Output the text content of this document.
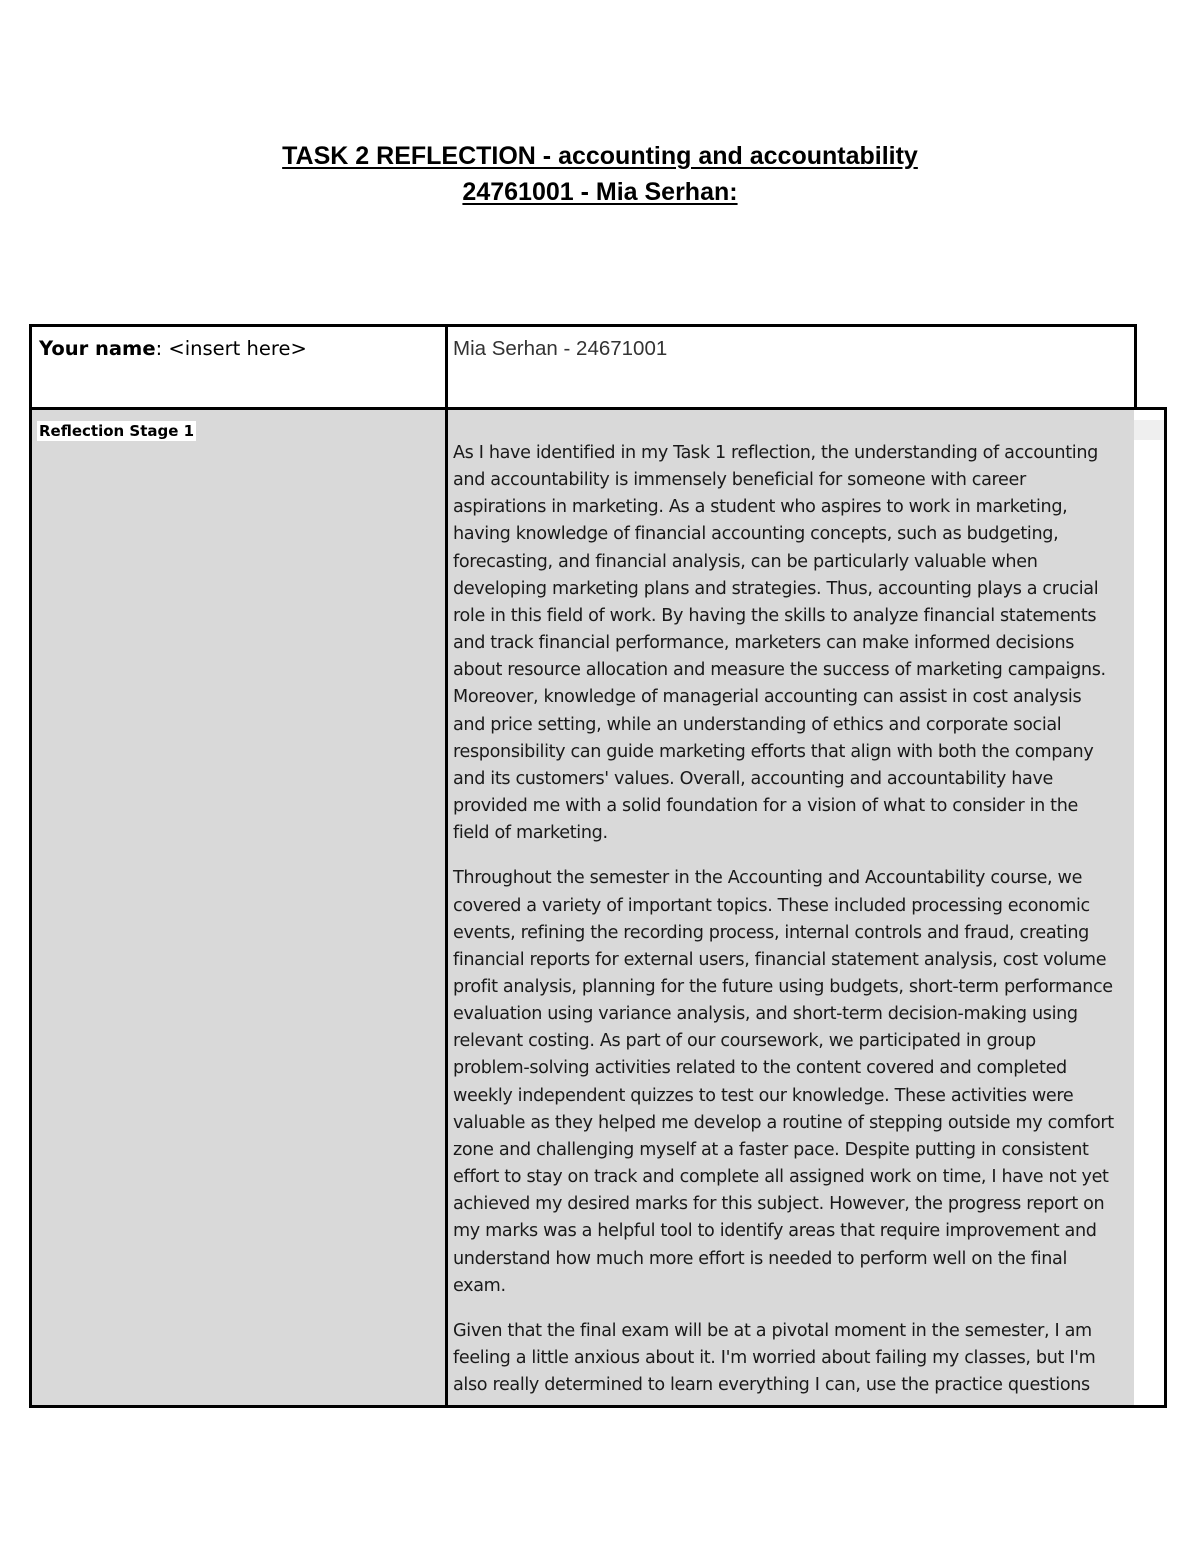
TASK 2 REFLECTION - accounting and accountability
24761001 - Mia Serhan:
Your name: <insert here>	Mia Serhan - 24671001
Reflection Stage 1

As I have identified in my Task 1 reflection, the understanding of accounting
and accountability is immensely beneficial for someone with career
aspirations in marketing. As a student who aspires to work in marketing,
having knowledge of financial accounting concepts, such as budgeting,
forecasting, and financial analysis, can be particularly valuable when
developing marketing plans and strategies. Thus, accounting plays a crucial
role in this field of work. By having the skills to analyze financial statements
and track financial performance, marketers can make informed decisions
about resource allocation and measure the success of marketing campaigns.
Moreover, knowledge of managerial accounting can assist in cost analysis
and price setting, while an understanding of ethics and corporate social
responsibility can guide marketing efforts that align with both the company
and its customers' values. Overall, accounting and accountability have
provided me with a solid foundation for a vision of what to consider in the
field of marketing.

Throughout the semester in the Accounting and Accountability course, we
covered a variety of important topics. These included processing economic
events, refining the recording process, internal controls and fraud, creating
financial reports for external users, financial statement analysis, cost volume
profit analysis, planning for the future using budgets, short-term performance
evaluation using variance analysis, and short-term decision-making using
relevant costing. As part of our coursework, we participated in group
problem-solving activities related to the content covered and completed
weekly independent quizzes to test our knowledge. These activities were
valuable as they helped me develop a routine of stepping outside my comfort
zone and challenging myself at a faster pace. Despite putting in consistent
effort to stay on track and complete all assigned work on time, I have not yet
achieved my desired marks for this subject. However, the progress report on
my marks was a helpful tool to identify areas that require improvement and
understand how much more effort is needed to perform well on the final
exam.

Given that the final exam will be at a pivotal moment in the semester, I am
feeling a little anxious about it. I'm worried about failing my classes, but I'm
also really determined to learn everything I can, use the practice questions
